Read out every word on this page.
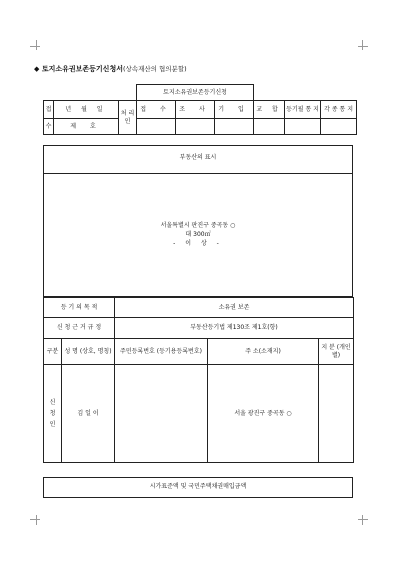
◆ 토지소유권보존등기신청서(상속재산의 협의분할)
			토지소유권보존등기신청					
접	년 월 일	처 리 인	접 수	조 사	기 입	교 합	등기필 통 지	각 종 통 지
수	제 호							
부동산의 표시
서울특별시 판진구 중곡동 ○
대 300㎡
- 이 상 -
등 기 의 목 적		소유권 보존		
신 청 근 거 규 정		부동산등기법 제130조 제1호(항)		
구분	성 명 (상호, 명칭)	주민등록번호 (등기용등록번호)	주 소(소재지)	지 분 (개인별)

신
청
인	김 일 이		서울 광진구 중곡동 ○	
시가표준액 및 국민주택채권매입금액
